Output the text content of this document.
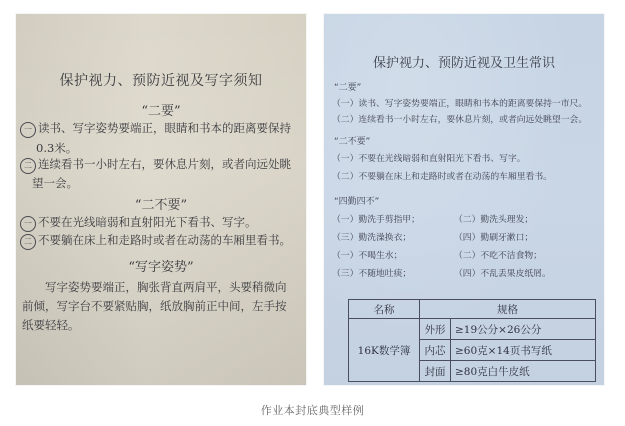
保护视力、预防近视及写字须知
“二要”
一 读书、写字姿势要端正，眼睛和书本的距离要保持
0.3米。
二 连续看书一小时左右，要休息片刻，或者向远处眺
望一会。
“二不要”
一 不要在光线暗弱和直射阳光下看书、写字。
二 不要躺在床上和走路时或者在动荡的车厢里看书。
“写字姿势”
　　写字姿势要端正，胸张背直两肩平，头要稍微向
前倾，写字台不要紧贴胸，纸放胸前正中间，左手按
纸要轻轻。
保护视力、预防近视及卫生常识
“二要”
（一）读书、写字姿势要端正，眼睛和书本的距离要保持一市尺。
（二）连续看书一小时左右，要休息片刻，或者向远处眺望一会。
“二不要”
（一）不要在光线暗弱和直射阳光下看书、写字。
（二）不要躺在床上和走路时或者在动荡的车厢里看书。
“四勤四不”
（一）勤洗手剪指甲；	（二）勤洗头理发；
（三）勤洗澡换衣；	（四）勤刷牙漱口；
（一）不喝生水；	（二）不吃不洁食物；
（三）不随地吐痰；	（四）不乱丢果皮纸屑。
名称	规格	
16K数学簿	外形	≥19公分×26公分
	内芯	≥60克×14页书写纸
	封面	≥80克白牛皮纸
作业本封底典型样例
